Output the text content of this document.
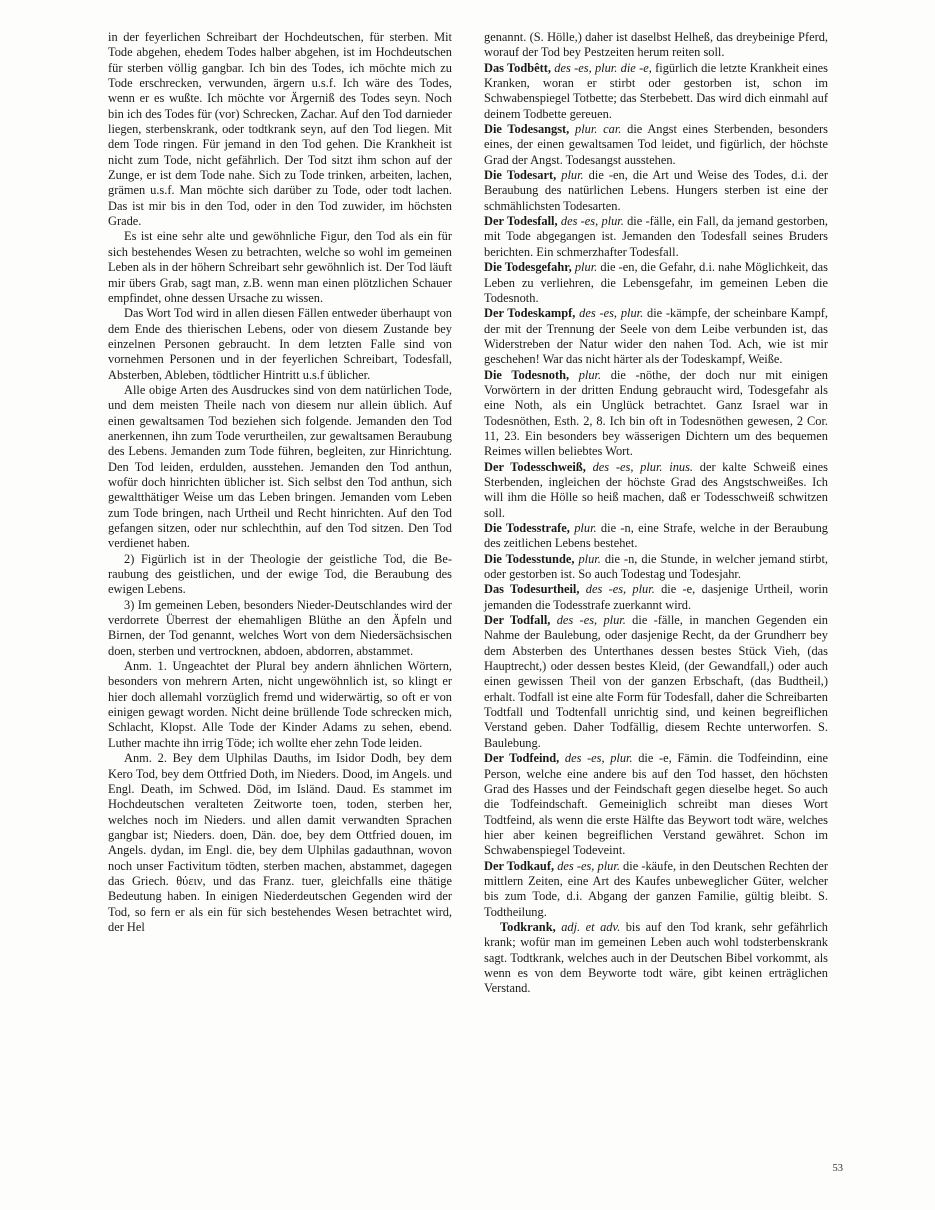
in der feyerlichen Schreibart der Hochdeutschen, für sterben. Mit Tode abgehen, ehedem Todes halber abgehen, ist im Hochdeutschen für sterben völlig gangbar. Ich bin des Todes, ich möchte mich zu Tode erschrecken, verwunden, ärgern u.s.f. Ich wäre des Todes, wenn er es wußte. Ich möchte vor Ärgerniß des Todes seyn. Noch bin ich des Todes für (vor) Schrecken, Zachar. Auf den Tod darnieder liegen, sterbenskrank, oder todtkrank seyn, auf den Tod liegen. Mit dem Tode ringen. Für jemand in den Tod gehen. Die Krankheit ist nicht zum Tode, nicht gefährlich. Der Tod sitzt ihm schon auf der Zunge, er ist dem Tode nahe. Sich zu Tode trinken, arbeiten, lachen, grämen u.s.f. Man möchte sich darüber zu Tode, oder todt lachen. Das ist mir bis in den Tod, oder in den Tod zuwider, im höchsten Grade.

Es ist eine sehr alte und gewöhnliche Figur, den Tod als ein für sich bestehendes Wesen zu betrachten, welche so wohl im gemeinen Leben als in der höhern Schreibart sehr gewöhnlich ist. Der Tod läuft mir übers Grab, sagt man, z.B. wenn man einen plötzlichen Schauer empfindet, ohne dessen Ursache zu wissen.

Das Wort Tod wird in allen diesen Fällen entweder überhaupt von dem Ende des thierischen Lebens, oder von diesem Zustande bey einzelnen Personen gebraucht. In dem letzten Falle sind von vornehmen Personen und in der feyerlichen Schreibart, Todesfall, Absterben, Ableben, tödtlicher Hintritt u.s.f üblicher.

Alle obige Arten des Ausdruckes sind von dem natürlichen Tode, und dem meisten Theile nach von diesem nur allein üblich. Auf einen gewaltsamen Tod beziehen sich folgende. Jemanden den Tod anerkennen, ihn zum Tode verurtheilen, zur gewaltsamen Beraubung des Lebens. Jemanden zum Tode führen, begleiten, zur Hinrichtung. Den Tod leiden, erdulden, ausstehen. Jemanden den Tod anthun, wofür doch hinrichten üblicher ist. Sich selbst den Tod anthun, sich gewaltthätiger Weise um das Leben bringen. Jemanden vom Leben zum Tode bringen, nach Urtheil und Recht hinrichten. Auf den Tod gefangen sitzen, oder nur schlechthin, auf den Tod sitzen. Den Tod verdienet haben.

2) Figürlich ist in der Theologie der geistliche Tod, die Beraubung des geistlichen, und der ewige Tod, die Beraubung des ewigen Lebens.

3) Im gemeinen Leben, besonders Nieder-Deutschlandes wird der verdorrete Überrest der ehemahligen Blüthe an den Äpfeln und Birnen, der Tod genannt, welches Wort von dem Niedersächsischen doen, sterben und vertrocknen, abdoen, abdorren, abstammet.

Anm. 1. Ungeachtet der Plural bey andern ähnlichen Wörtern, besonders von mehrern Arten, nicht ungewöhnlich ist, so klingt er hier doch allemahl vorzüglich fremd und widerwärtig, so oft er von einigen gewagt worden. Nicht deine brüllende Tode schrecken mich, Schlacht, Klopst. Alle Tode der Kinder Adams zu sehen, ebend. Luther machte ihn irrig Töde; ich wollte eher zehn Tode leiden.

Anm. 2. Bey dem Ulphilas Dauths, im Isidor Dodh, bey dem Kero Tod, bey dem Ottfried Doth, im Nieders. Dood, im Angels. und Engl. Death, im Schwed. Död, im Isländ. Daud. Es stammet im Hochdeutschen veralteten Zeitworte toen, toden, sterben her, welches noch im Nieders. und allen damit verwandten Sprachen gangbar ist; Nieders. doen, Dän. doe, bey dem Ottfried douen, im Angels. dydan, im Engl. die, bey dem Ulphilas gadauthnan, wovon noch unser Factivitum tödten, sterben machen, abstammet, dagegen das Griech. θύειν, und das Franz. tuer, gleichfalls eine thätige Bedeutung haben. In einigen Niederdeutschen Gegenden wird der Tod, so fern er als ein für sich bestehendes Wesen betrachtet wird, der Hel

genannt. (S. Hölle,) daher ist daselbst Helheß, das dreybeinige Pferd, worauf der Tod bey Pestzeiten herum reiten soll.

Das Todbêtt, des -es, plur. die -e, figürlich die letzte Krankheit eines Kranken, woran er stirbt oder gestorben ist, schon im Schwabenspiegel Totbette; das Sterbebett. Das wird dich einmahl auf deinem Todbette gereuen.

Die Todesangst, plur. car. die Angst eines Sterbenden, besonders eines, der einen gewaltsamen Tod leidet, und figürlich, der höchste Grad der Angst. Todesangst ausstehen.

Die Todesart, plur. die -en, die Art und Weise des Todes, d.i. der Beraubung des natürlichen Lebens. Hungers sterben ist eine der schmählichsten Todesarten.

Der Todesfall, des -es, plur. die -fälle, ein Fall, da jemand gestorben, mit Tode abgegangen ist. Jemanden den Todesfall seines Bruders berichten. Ein schmerzhafter Todesfall.

Die Todesgefahr, plur. die -en, die Gefahr, d.i. nahe Möglichkeit, das Leben zu verliehren, die Lebensgefahr, im gemeinen Leben die Todesnoth.

Der Todeskampf, des -es, plur. die -kämpfe, der scheinbare Kampf, der mit der Trennung der Seele von dem Leibe verbunden ist, das Widerstreben der Natur wider den nahen Tod. Ach, wie ist mir geschehen! War das nicht härter als der Todeskampf, Weiße.

Die Todesnoth, plur. die -nöthe, der doch nur mit einigen Vorwörtern in der dritten Endung gebraucht wird, Todesgefahr als eine Noth, als ein Unglück betrachtet. Ganz Israel war in Todesnöthen, Esth. 2, 8. Ich bin oft in Todesnöthen gewesen, 2 Cor. 11, 23. Ein besonders bey wässerigen Dichtern um des bequemen Reimes willen beliebtes Wort.

Der Todesschweiß, des -es, plur. inus. der kalte Schweiß eines Sterbenden, ingleichen der höchste Grad des Angstschweißes. Ich will ihm die Hölle so heiß machen, daß er Todesschweiß schwitzen soll.

Die Todesstrafe, plur. die -n, eine Strafe, welche in der Beraubung des zeitlichen Lebens bestehet.

Die Todesstunde, plur. die -n, die Stunde, in welcher jemand stirbt, oder gestorben ist. So auch Todestag und Todesjahr.

Das Todesurtheil, des -es, plur. die -e, dasjenige Urtheil, worin jemanden die Todesstrafe zuerkannt wird.

Der Todfall, des -es, plur. die -fälle, in manchen Gegenden ein Nahme der Baulebung, oder dasjenige Recht, da der Grundherr bey dem Absterben des Unterthanes dessen bestes Stück Vieh, (das Hauptrecht,) oder dessen bestes Kleid, (der Gewandfall,) oder auch einen gewissen Theil von der ganzen Erbschaft, (das Budtheil,) erhalt. Todfall ist eine alte Form für Todesfall, daher die Schreibarten Todtfall und Todtenfall unrichtig sind, und keinen begreiflichen Verstand geben. Daher Todfällig, diesem Rechte unterworfen. S. Baulebung.

Der Todfeind, des -es, plur. die -e, Fämin. die Todfeindinn, eine Person, welche eine andere bis auf den Tod hasset, den höchsten Grad des Hasses und der Feindschaft gegen dieselbe heget. So auch die Todfeindschaft. Gemeiniglich schreibt man dieses Wort Todtfeind, als wenn die erste Hälfte das Beywort todt wäre, welches hier aber keinen begreiflichen Verstand gewähret. Schon im Schwabenspiegel Todeveint.

Der Todkauf, des -es, plur. die -käufe, in den Deutschen Rechten der mittlern Zeiten, eine Art des Kaufes unbeweglicher Güter, welcher bis zum Tode, d.i. Abgang der ganzen Familie, gültig bleibt. S. Todtheilung.

Todkrank, adj. et adv. bis auf den Tod krank, sehr gefährlich krank; wofür man im gemeinen Leben auch wohl todsterbenskrank sagt. Todtkrank, welches auch in der Deutschen Bibel vorkommt, als wenn es von dem Beyworte todt wäre, gibt keinen erträglichen Verstand.

53
